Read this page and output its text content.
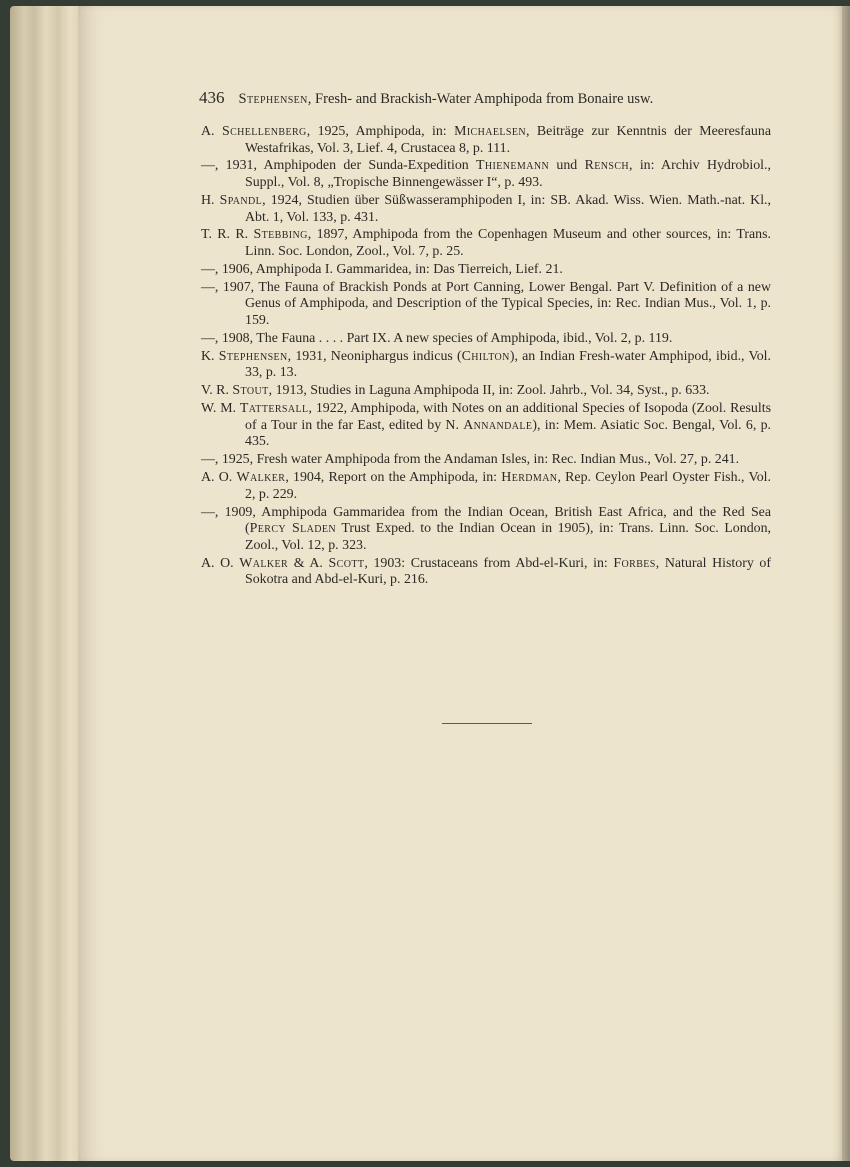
436 Stephensen, Fresh- and Brackish-Water Amphipoda from Bonaire usw.
A. Schellenberg, 1925, Amphipoda, in: Michaelsen, Beiträge zur Kenntnis der Meeresfauna Westafrikas, Vol. 3, Lief. 4, Crustacea 8, p. 111.
—, 1931, Amphipoden der Sunda-Expedition Thienemann und Rensch, in: Archiv Hydrobiol., Suppl., Vol. 8, „Tropische Binnengewässer I“, p. 493.
H. Spandl, 1924, Studien über Süßwasseramphipoden I, in: SB. Akad. Wiss. Wien. Math.-nat. Kl., Abt. 1, Vol. 133, p. 431.
T. R. R. Stebbing, 1897, Amphipoda from the Copenhagen Museum and other sources, in: Trans. Linn. Soc. London, Zool., Vol. 7, p. 25.
—, 1906, Amphipoda I. Gammaridea, in: Das Tierreich, Lief. 21.
—, 1907, The Fauna of Brackish Ponds at Port Canning, Lower Bengal. Part V. Definition of a new Genus of Amphipoda, and Description of the Typical Species, in: Rec. Indian Mus., Vol. 1, p. 159.
—, 1908, The Fauna . . . . Part IX. A new species of Amphipoda, ibid., Vol. 2, p. 119.
K. Stephensen, 1931, Neoniphargus indicus (Chilton), an Indian Fresh-water Amphipod, ibid., Vol. 33, p. 13.
V. R. Stout, 1913, Studies in Laguna Amphipoda II, in: Zool. Jahrb., Vol. 34, Syst., p. 633.
W. M. Tattersall, 1922, Amphipoda, with Notes on an additional Species of Isopoda (Zool. Results of a Tour in the far East, edited by N. Annandale), in: Mem. Asiatic Soc. Bengal, Vol. 6, p. 435.
—, 1925, Fresh water Amphipoda from the Andaman Isles, in: Rec. Indian Mus., Vol. 27, p. 241.
A. O. Walker, 1904, Report on the Amphipoda, in: Herdman, Rep. Ceylon Pearl Oyster Fish., Vol. 2, p. 229.
—, 1909, Amphipoda Gammaridea from the Indian Ocean, British East Africa, and the Red Sea (Percy Sladen Trust Exped. to the Indian Ocean in 1905), in: Trans. Linn. Soc. London, Zool., Vol. 12, p. 323.
A. O. Walker & A. Scott, 1903: Crustaceans from Abd-el-Kuri, in: Forbes, Natural History of Sokotra and Abd-el-Kuri, p. 216.
